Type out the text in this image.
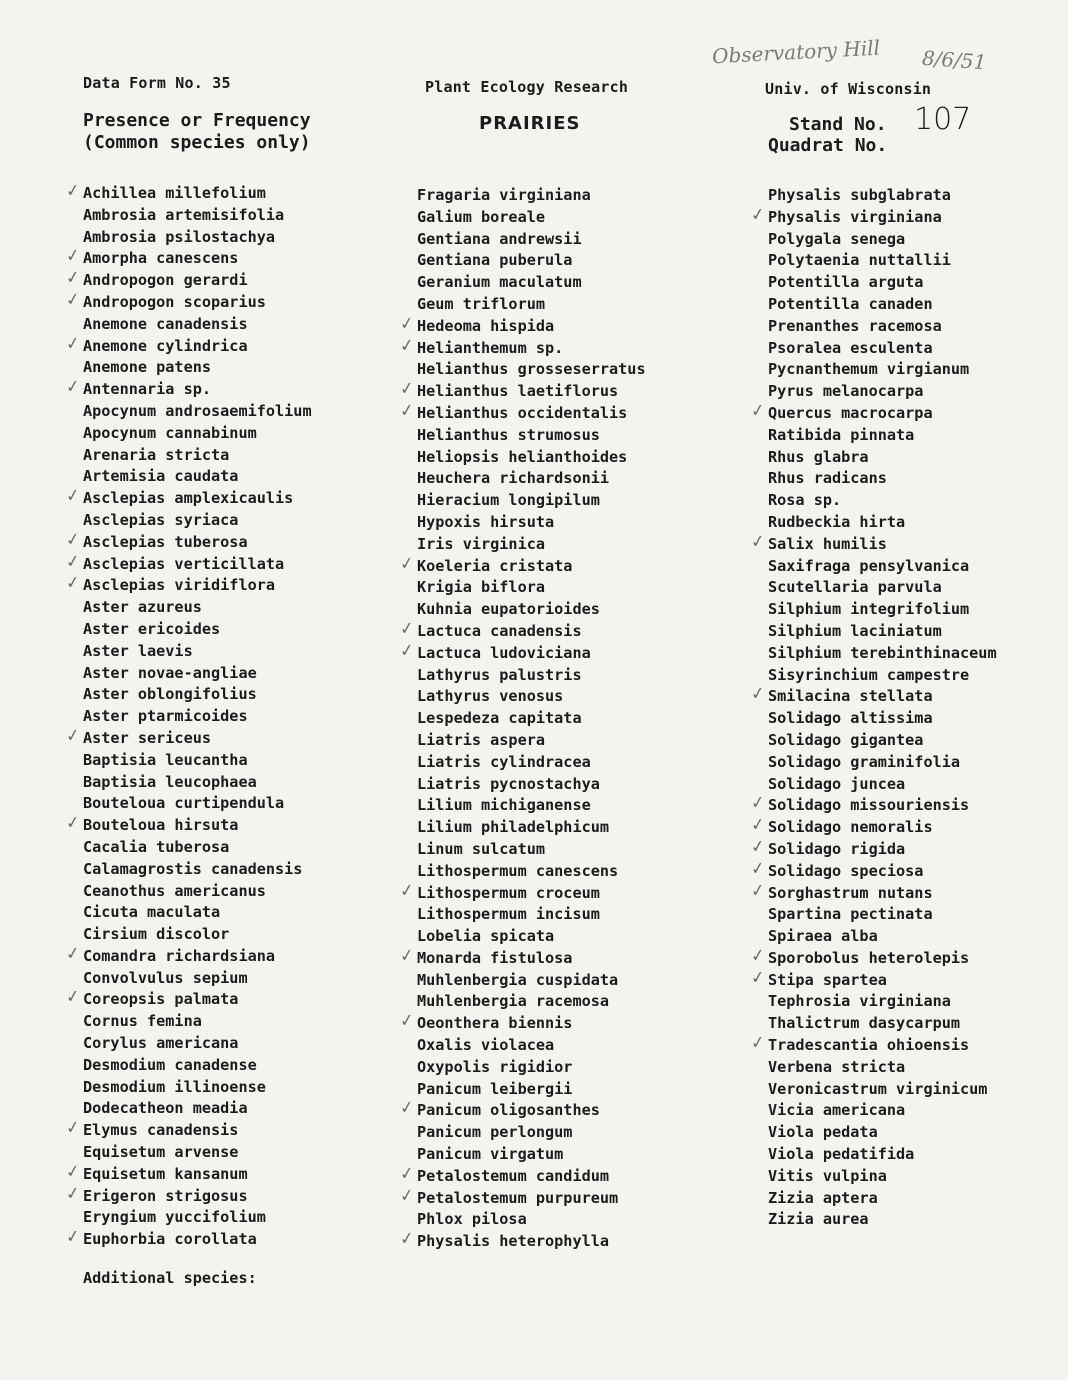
Data Form No. 35	Plant Ecology Research	Univ. of Wisconsin
Presence or Frequency
(Common species only)
PRAIRIES	Stand No. 107
Quadrat No.
Observatory Hill 8/6/51
✓ Achillea millefolium
Ambrosia artemisifolia
Ambrosia psilostachya
✓ Amorpha canescens
✓ Andropogon gerardi
✓ Andropogon scoparius
Anemone canadensis
✓ Anemone cylindrica
Anemone patens
✓ Antennaria sp.
Apocynum androsaemifolium
Apocynum cannabinum
Arenaria stricta
Artemisia caudata
✓ Asclepias amplexicaulis
Asclepias syriaca
✓ Asclepias tuberosa
✓ Asclepias verticillata
✓ Asclepias viridiflora
Aster azureus
Aster ericoides
Aster laevis
Aster novae-angliae
Aster oblongifolius
Aster ptarmicoides
✓ Aster sericeus
Baptisia leucantha
Baptisia leucophaea
Bouteloua curtipendula
✓ Bouteloua hirsuta
Cacalia tuberosa
Calamagrostis canadensis
Ceanothus americanus
Cicuta maculata
Cirsium discolor
✓ Comandra richardsiana
Convolvulus sepium
✓ Coreopsis palmata
Cornus femina
Corylus americana
Desmodium canadense
Desmodium illinoense
Dodecatheon meadia
✓ Elymus canadensis
Equisetum arvense
✓ Equisetum kansanum
✓ Erigeron strigosus
Eryngium yuccifolium
✓ Euphorbia corollata
Fragaria virginiana
Galium boreale
Gentiana andrewsii
Gentiana puberula
Geranium maculatum
Geum triflorum
✓ Hedeoma hispida
✓ Helianthemum sp.
Helianthus grosseserratus
✓ Helianthus laetiflorus
✓ Helianthus occidentalis
Helianthus strumosus
Heliopsis helianthoides
Heuchera richardsonii
Hieracium longipilum
Hypoxis hirsuta
Iris virginica
✓ Koeleria cristata
Krigia biflora
Kuhnia eupatorioides
✓ Lactuca canadensis
✓ Lactuca ludoviciana
Lathyrus palustris
Lathyrus venosus
Lespedeza capitata
Liatris aspera
Liatris cylindracea
Liatris pycnostachya
Lilium michiganense
Lilium philadelphicum
Linum sulcatum
Lithospermum canescens
✓ Lithospermum croceum
Lithospermum incisum
Lobelia spicata
✓ Monarda fistulosa
Muhlenbergia cuspidata
Muhlenbergia racemosa
✓ Oeonthera biennis
Oxalis violacea
Oxypolis rigidior
Panicum leibergii
✓ Panicum oligosanthes
Panicum perlongum
Panicum virgatum
✓ Petalostemum candidum
✓ Petalostemum purpureum
Phlox pilosa
✓ Physalis heterophylla
Physalis subglabrata
✓ Physalis virginiana
Polygala senega
Polytaenia nuttallii
Potentilla arguta
Potentilla canaden
Prenanthes racemosa
Psoralea esculenta
Pycnanthemum virgianum
Pyrus melanocarpa
✓ Quercus macrocarpa
Ratibida pinnata
Rhus glabra
Rhus radicans
Rosa sp.
Rudbeckia hirta
✓ Salix humilis
Saxifraga pensylvanica
Scutellaria parvula
Silphium integrifolium
Silphium laciniatum
Silphium terebinthinaceum
Sisyrinchium campestre
✓ Smilacina stellata
Solidago altissima
Solidago gigantea
Solidago graminifolia
Solidago juncea
✓ Solidago missouriensis
✓ Solidago nemoralis
✓ Solidago rigida
✓ Solidago speciosa
✓ Sorghastrum nutans
Spartina pectinata
Spiraea alba
✓ Sporobolus heterolepis
✓ Stipa spartea
Tephrosia virginiana
Thalictrum dasycarpum
✓ Tradescantia ohioensis
Verbena stricta
Veronicastrum virginicum
Vicia americana
Viola pedata
Viola pedatifida
Vitis vulpina
Zizia aptera
Zizia aurea
Additional species:
